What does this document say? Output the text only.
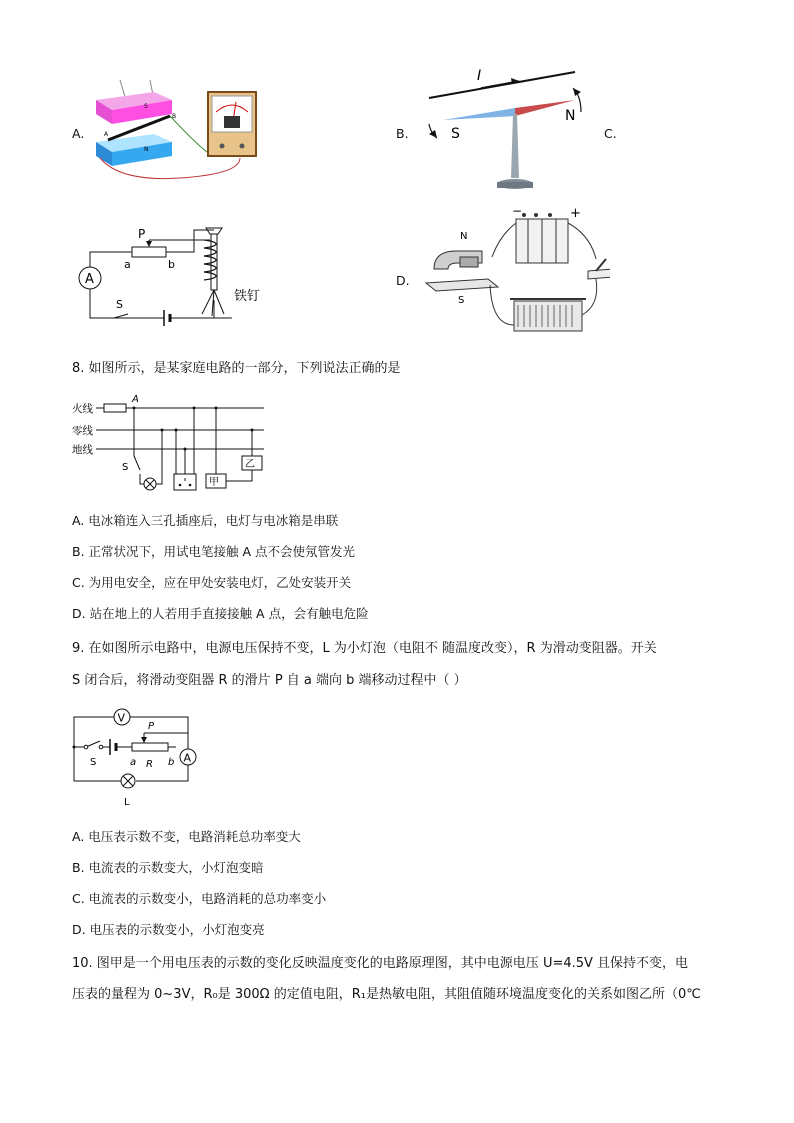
A.	B.	C.
D.
A
B
S
N
I
S
N
A
P
a	b
S
铁钉
−	+
N
S
8. 如图所示，是某家庭电路的一部分，下列说法正确的是
火线
零线
地线
A
S
甲
乙
A. 电冰箱连入三孔插座后，电灯与电冰箱是串联
B. 正常状况下，用试电笔接触 A 点不会使氖管发光
C. 为用电安全，应在甲处安装电灯，乙处安装开关
D. 站在地上的人若用手直接接触 A 点，会有触电危险
9. 在如图所示电路中，电源电压保持不变，L 为小灯泡（电阻不 随温度改变），R 为滑动变阻器。开关
S 闭合后，将滑动变阻器 R 的滑片 P 自 a 端向 b 端移动过程中（ ）
V
S
P
a R b A
L
A. 电压表示数不变，电路消耗总功率变大
B. 电流表的示数变大，小灯泡变暗
C. 电流表的示数变小，电路消耗的总功率变小
D. 电压表的示数变小，小灯泡变亮
10. 图甲是一个用电压表的示数的变化反映温度变化的电路原理图，其中电源电压 U=4.5V 且保持不变，电
压表的量程为 0~3V，R₀是 300Ω 的定值电阻，R₁是热敏电阻，其阻值随环境温度变化的关系如图乙所（0℃
